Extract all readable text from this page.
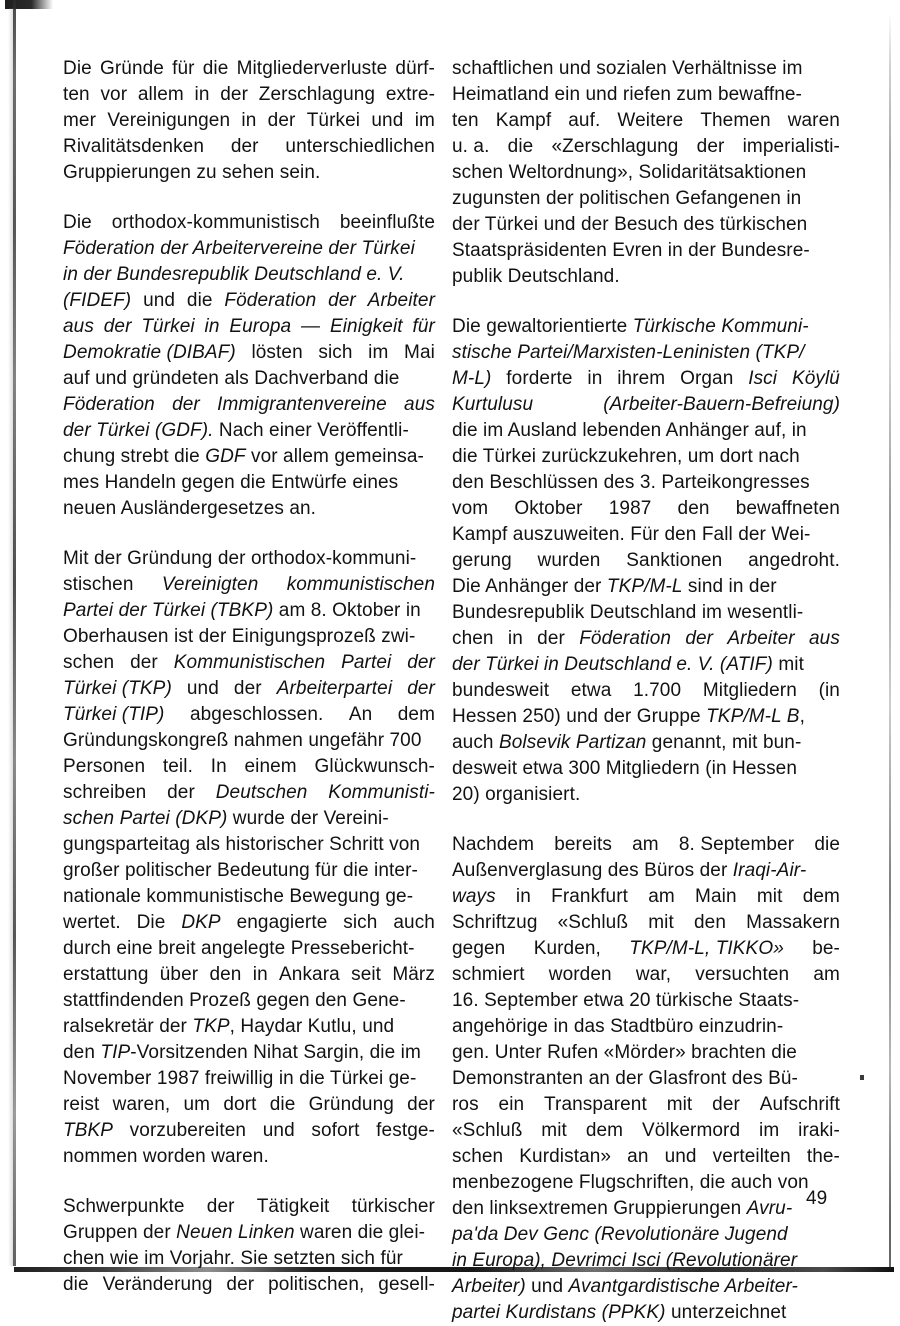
Die Gründe für die Mitgliederverluste dürf-
ten vor allem in der Zerschlagung extre-
mer Vereinigungen in der Türkei und im
Rivalitätsdenken der unterschiedlichen
Gruppierungen zu sehen sein.
Die orthodox-kommunistisch beeinflußte
Föderation der Arbeitervereine der Türkei
in der Bundesrepublik Deutschland e. V.
(FIDEF) und die Föderation der Arbeiter
aus der Türkei in Europa — Einigkeit für
Demokratie (DIBAF) lösten sich im Mai
auf und gründeten als Dachverband die
Föderation der Immigrantenvereine aus
der Türkei (GDF). Nach einer Veröffentli-
chung strebt die GDF vor allem gemeinsa-
mes Handeln gegen die Entwürfe eines
neuen Ausländergesetzes an.
Mit der Gründung der orthodox-kommuni-
stischen Vereinigten kommunistischen
Partei der Türkei (TBKP) am 8. Oktober in
Oberhausen ist der Einigungsprozeß zwi-
schen der Kommunistischen Partei der
Türkei (TKP) und der Arbeiterpartei der
Türkei (TIP) abgeschlossen. An dem
Gründungskongreß nahmen ungefähr 700
Personen teil. In einem Glückwunsch-
schreiben der Deutschen Kommunisti-
schen Partei (DKP) wurde der Vereini-
gungsparteitag als historischer Schritt von
großer politischer Bedeutung für die inter-
nationale kommunistische Bewegung ge-
wertet. Die DKP engagierte sich auch
durch eine breit angelegte Pressebericht-
erstattung über den in Ankara seit März
stattfindenden Prozeß gegen den Gene-
ralsekretär der TKP , Haydar Kutlu, und
den TIP -Vorsitzenden Nihat Sargin, die im
November 1987 freiwillig in die Türkei ge-
reist waren, um dort die Gründung der
TBKP vorzubereiten und sofort festge-
nommen worden waren.
Schwerpunkte der Tätigkeit türkischer
Gruppen der Neuen Linken waren die glei-
chen wie im Vorjahr. Sie setzten sich für
die Veränderung der politischen, gesell-
schaftlichen und sozialen Verhältnisse im
Heimatland ein und riefen zum bewaffne-
ten Kampf auf. Weitere Themen waren
u. a. die «Zerschlagung der imperialisti-
schen Weltordnung», Solidaritätsaktionen
zugunsten der politischen Gefangenen in
der Türkei und der Besuch des türkischen
Staatspräsidenten Evren in der Bundesre-
publik Deutschland.
Die gewaltorientierte Türkische Kommuni-
stische Partei/Marxisten-Leninisten (TKP/
M-L) forderte in ihrem Organ Isci Köylü
Kurtulusu	(Arbeiter-Bauern-Befreiung)
die im Ausland lebenden Anhänger auf, in
die Türkei zurückzukehren, um dort nach
den Beschlüssen des 3. Parteikongresses
vom Oktober 1987 den bewaffneten
Kampf auszuweiten. Für den Fall der Wei-
gerung wurden Sanktionen angedroht.
Die Anhänger der TKP/M-L sind in der
Bundesrepublik Deutschland im wesentli-
chen in der Föderation der Arbeiter aus
der Türkei in Deutschland e. V. (ATIF) mit
bundesweit etwa 1.700 Mitgliedern (in
Hessen 250) und der Gruppe TKP/M-L B ,
auch Bolsevik Partizan genannt, mit bun-
desweit etwa 300 Mitgliedern (in Hessen
20) organisiert.
Nachdem bereits am 8. September die
Außenverglasung des Büros der Iraqi-Air-
ways in Frankfurt am Main mit dem
Schriftzug «Schluß mit den Massakern
gegen Kurden, TKP/M-L, TIKKO» be-
schmiert worden war, versuchten am
16. September etwa 20 türkische Staats-
angehörige in das Stadtbüro einzudrin-
gen. Unter Rufen «Mörder» brachten die
Demonstranten an der Glasfront des Bü-
ros ein Transparent mit der Aufschrift
«Schluß mit dem Völkermord im iraki-
schen Kurdistan» an und verteilten the-
menbezogene Flugschriften, die auch von
den linksextremen Gruppierungen Avru-
pa'da Dev Genc (Revolutionäre Jugend
in Europa), Devrimci Isci (Revolutionärer
Arbeiter) und Avantgardistische Arbeiter-
partei Kurdistans (PPKK) unterzeichnet
49
